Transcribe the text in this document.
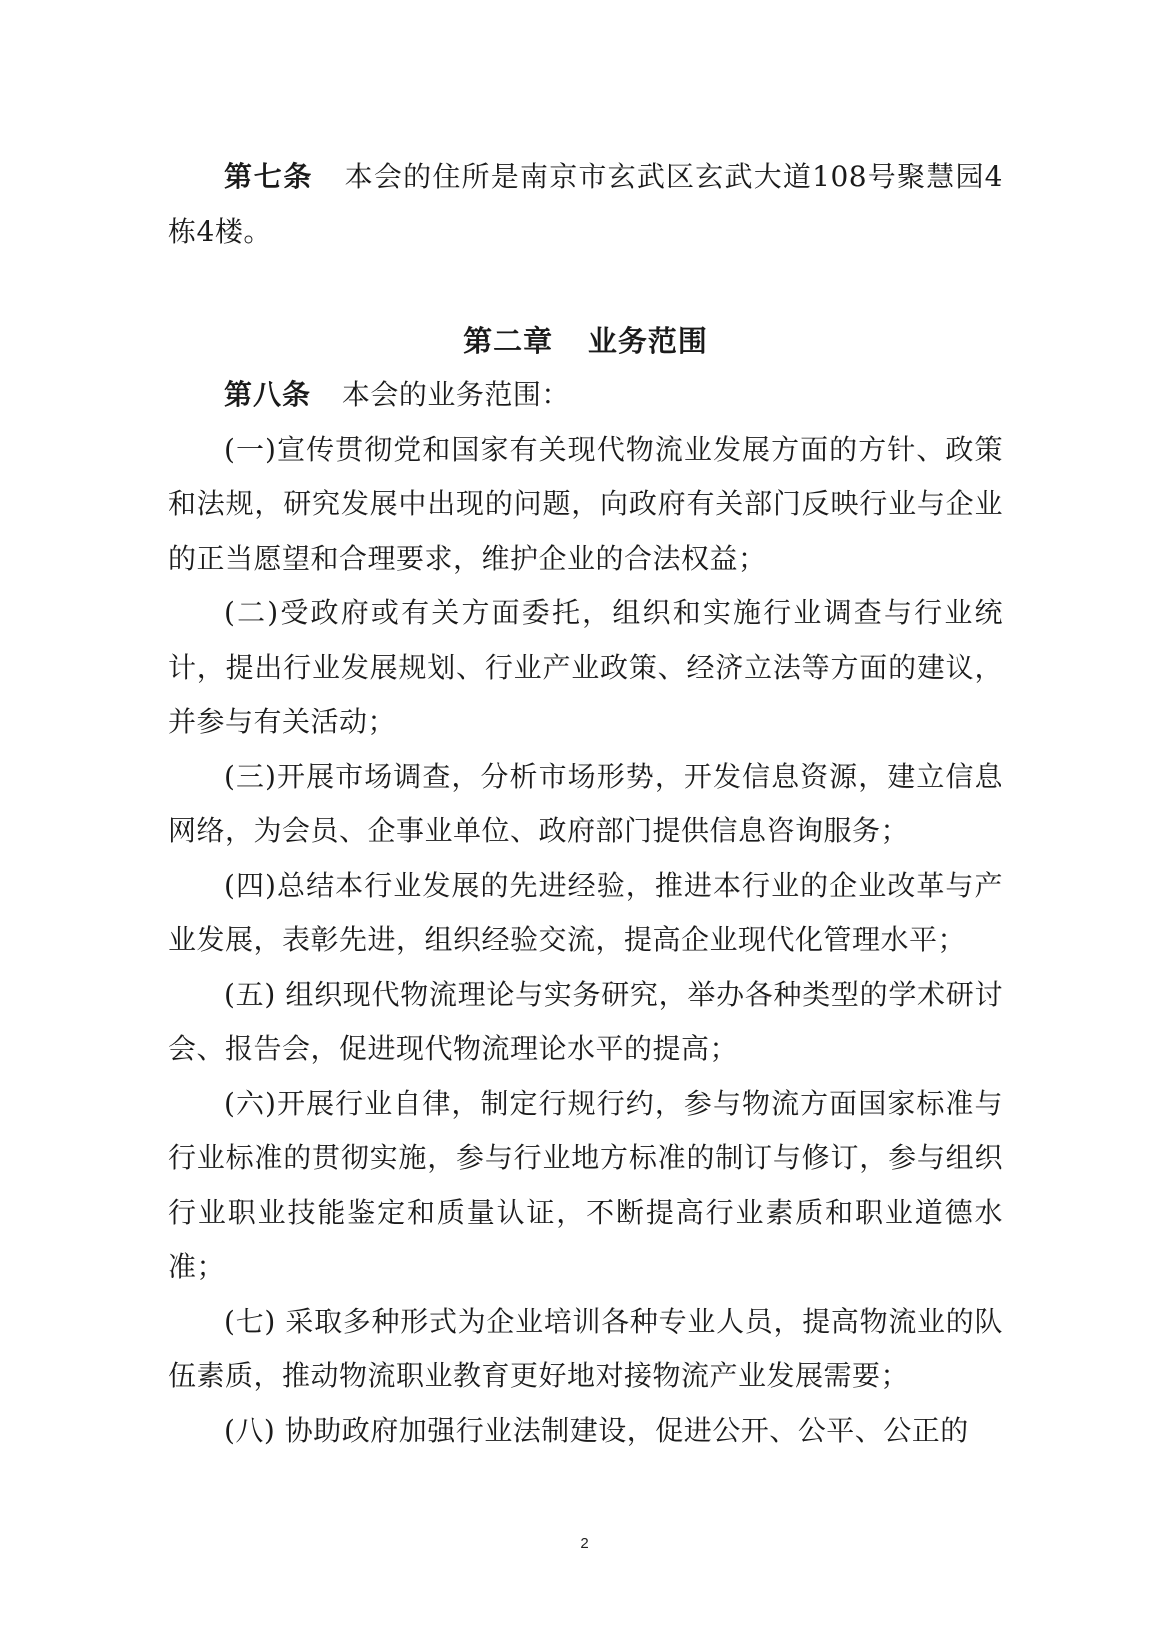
第七条 本会的住所是南京市玄武区玄武大道108号聚慧园4栋4楼。

第二章 业务范围

第八条 本会的业务范围：

(一)宣传贯彻党和国家有关现代物流业发展方面的方针、政策和法规，研究发展中出现的问题，向政府有关部门反映行业与企业的正当愿望和合理要求，维护企业的合法权益；

(二)受政府或有关方面委托，组织和实施行业调查与行业统计，提出行业发展规划、行业产业政策、经济立法等方面的建议，并参与有关活动；

(三)开展市场调查，分析市场形势，开发信息资源，建立信息网络，为会员、企事业单位、政府部门提供信息咨询服务；

(四)总结本行业发展的先进经验，推进本行业的企业改革与产业发展，表彰先进，组织经验交流，提高企业现代化管理水平；

(五) 组织现代物流理论与实务研究，举办各种类型的学术研讨会、报告会，促进现代物流理论水平的提高；

(六)开展行业自律，制定行规行约，参与物流方面国家标准与行业标准的贯彻实施，参与行业地方标准的制订与修订，参与组织行业职业技能鉴定和质量认证，不断提高行业素质和职业道德水准；

(七) 采取多种形式为企业培训各种专业人员，提高物流业的队伍素质，推动物流职业教育更好地对接物流产业发展需要；

(八) 协助政府加强行业法制建设，促进公开、公平、公正的

2
